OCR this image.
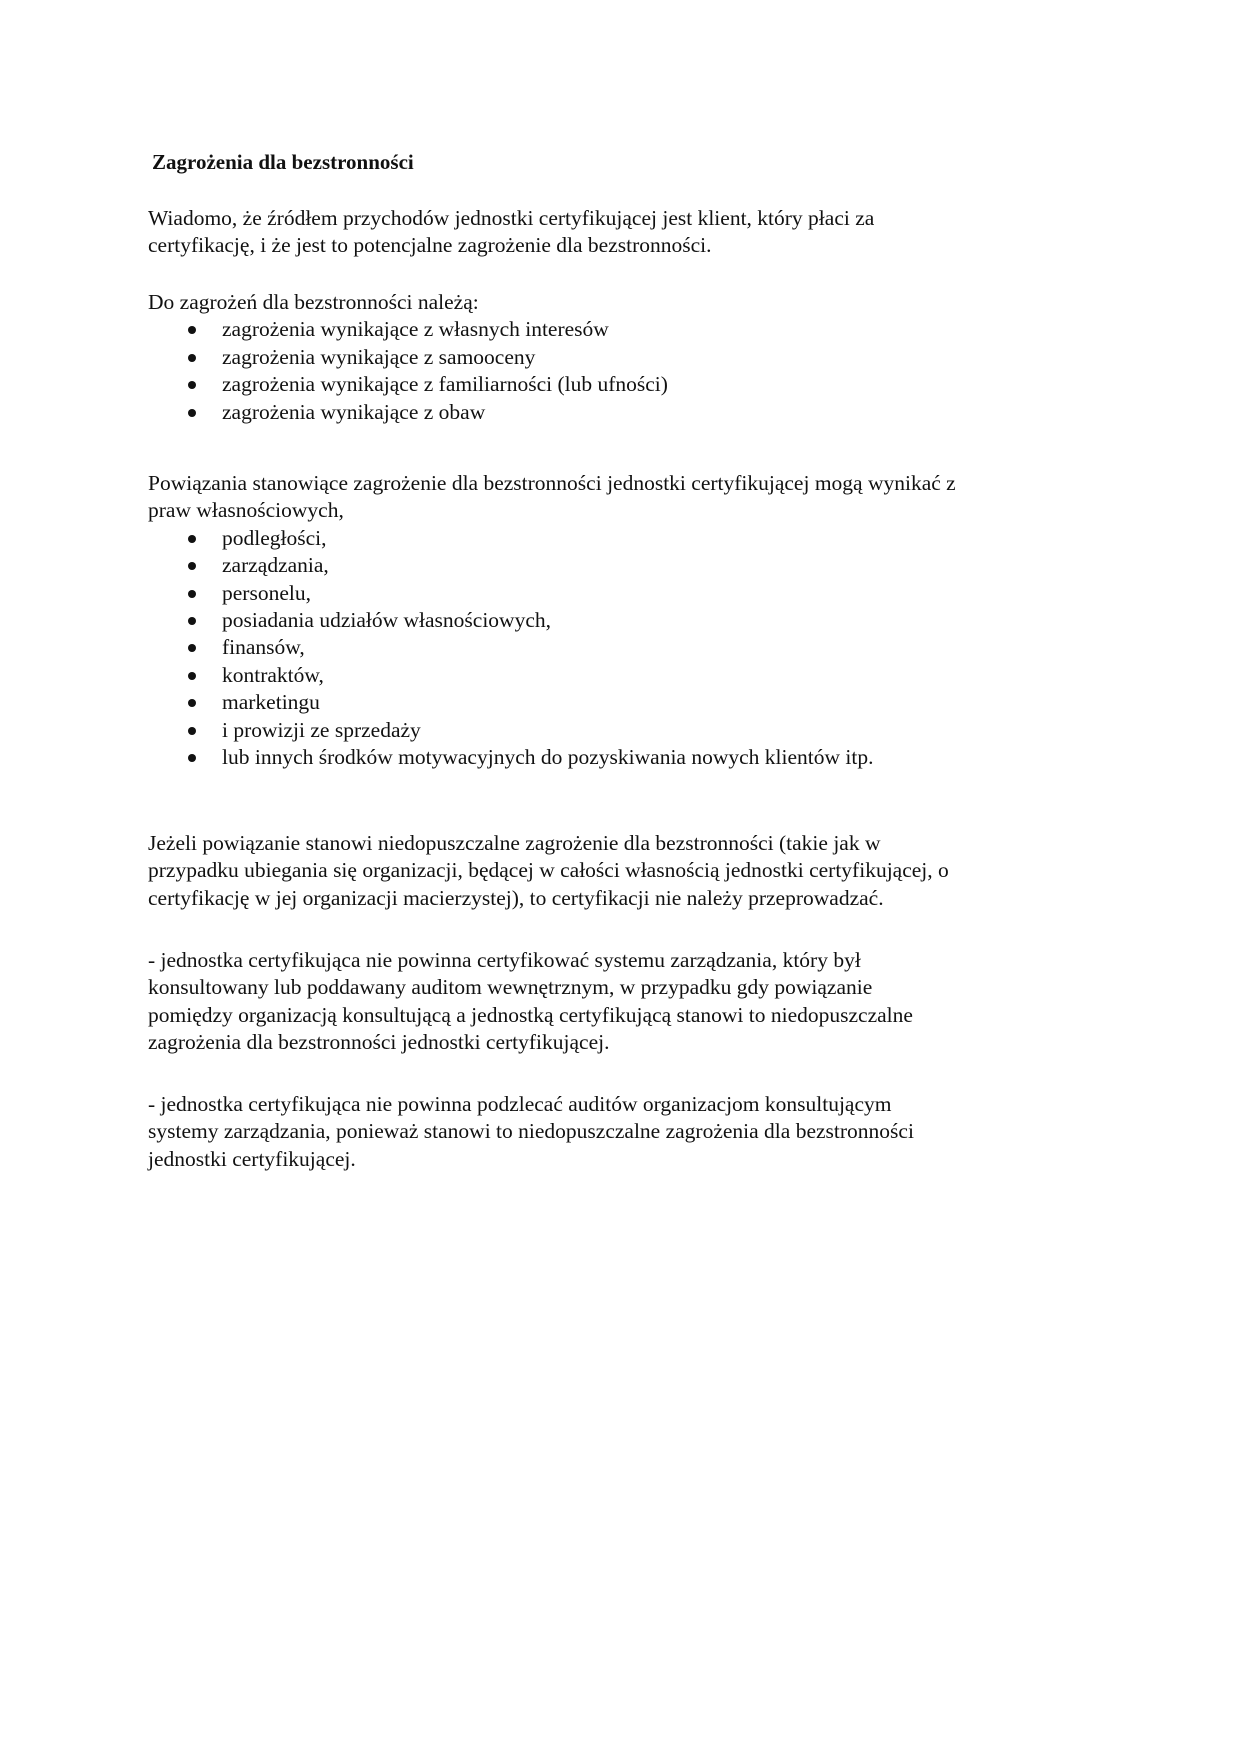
Zagrożenia dla bezstronności
Wiadomo, że źródłem przychodów jednostki certyfikującej jest klient, który płaci za
certyfikację, i że jest to potencjalne zagrożenie dla bezstronności.
Do zagrożeń dla bezstronności należą:
zagrożenia wynikające z własnych interesów
zagrożenia wynikające z samooceny
zagrożenia wynikające z familiarności (lub ufności)
zagrożenia wynikające z obaw
Powiązania stanowiące zagrożenie dla bezstronności jednostki certyfikującej mogą wynikać z
praw własnościowych,
podległości,
zarządzania,
personelu,
posiadania udziałów własnościowych,
finansów,
kontraktów,
marketingu
i prowizji ze sprzedaży
lub innych środków motywacyjnych do pozyskiwania nowych klientów itp.
Jeżeli powiązanie stanowi niedopuszczalne zagrożenie dla bezstronności (takie jak w
przypadku ubiegania się organizacji, będącej w całości własnością jednostki certyfikującej, o
certyfikację w jej organizacji macierzystej), to certyfikacji nie należy przeprowadzać.
- jednostka certyfikująca nie powinna certyfikować systemu zarządzania, który był
konsultowany lub poddawany auditom wewnętrznym, w przypadku gdy powiązanie
pomiędzy organizacją konsultującą a jednostką certyfikującą stanowi to niedopuszczalne
zagrożenia dla bezstronności jednostki certyfikującej.
- jednostka certyfikująca nie powinna podzlecać auditów organizacjom konsultującym
systemy zarządzania, ponieważ stanowi to niedopuszczalne zagrożenia dla bezstronności
jednostki certyfikującej.
